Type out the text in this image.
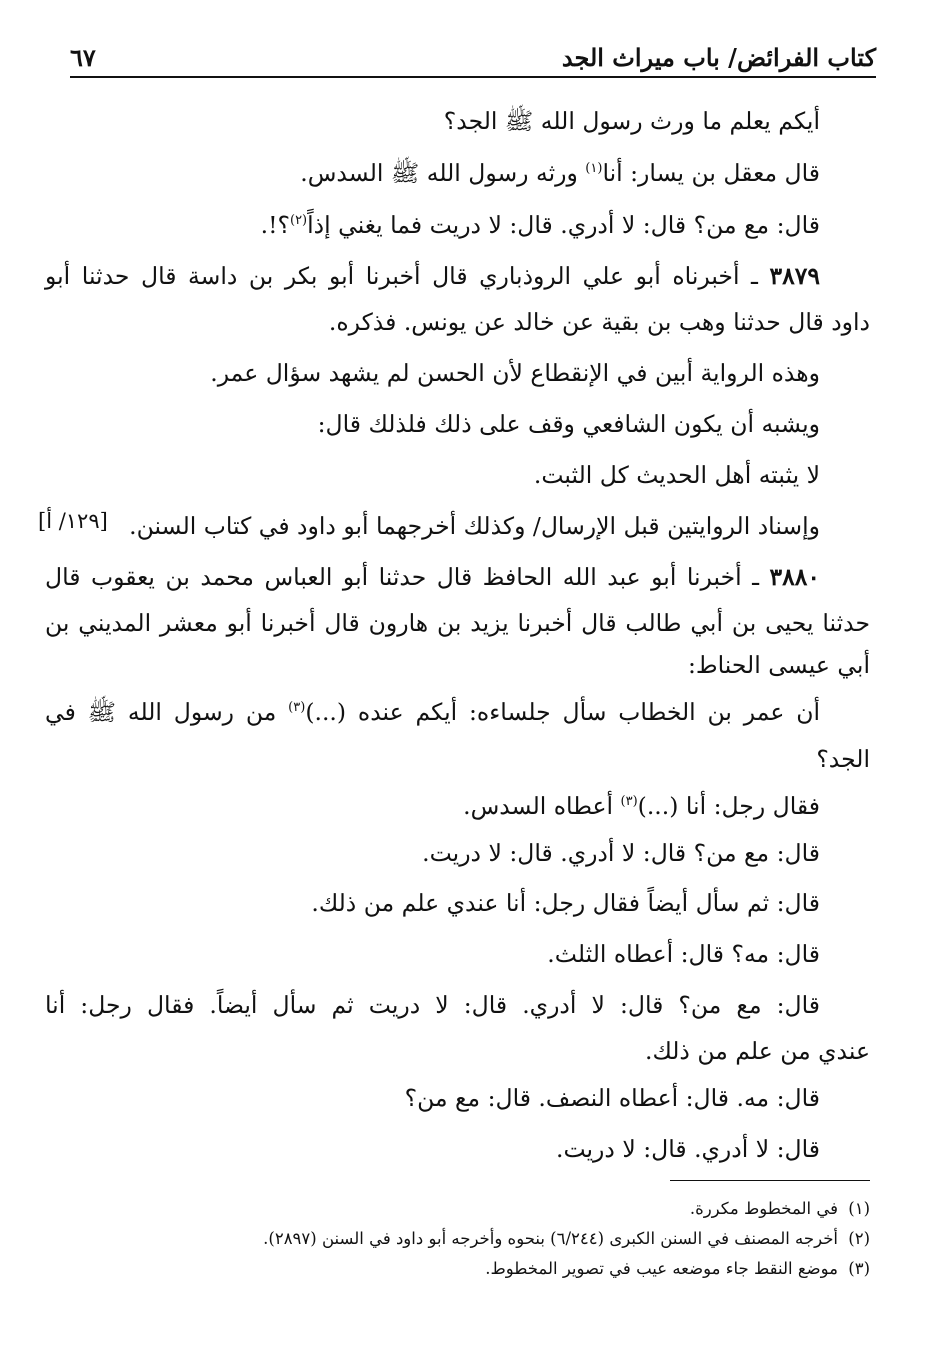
كتاب الفرائض/ باب ميراث الجد
٦٧
أيكم يعلم ما ورث رسول الله ﷺ الجد؟
قال معقل بن يسار: أنا$^{(١)}$ ورثه رسول الله ﷺ السدس.
قال: مع من؟ قال: لا أدري. قال: لا دريت فما يغني إذاً$^{(٢)}$؟!.
٣٨٧٩ ـ أخبرناه أبو علي الروذباري قال أخبرنا أبو بكر بن داسة قال حدثنا أبو
داود قال حدثنا وهب بن بقية عن خالد عن يونس. فذكره.
وهذه الرواية أبين في الإنقطاع لأن الحسن لم يشهد سؤال عمر.
ويشبه أن يكون الشافعي وقف على ذلك فلذلك قال:
لا يثبته أهل الحديث كل الثبت.
وإسناد الروايتين قبل الإرسال/ وكذلك أخرجهما أبو داود في كتاب السنن.
[١٢٩/ أ]
٣٨٨٠ ـ أخبرنا أبو عبد الله الحافظ قال حدثنا أبو العباس محمد بن يعقوب قال
حدثنا يحيى بن أبي طالب قال أخبرنا يزيد بن هارون قال أخبرنا أبو معشر المديني بن
أبي عيسى الحناط:
أن عمر بن الخطاب سأل جلساءه: أيكم عنده (...)$^{(٣)}$ من رسول الله ﷺ في
الجد؟
فقال رجل: أنا (...)$^{(٣)}$ أعطاه السدس.
قال: مع من؟ قال: لا أدري. قال: لا دريت.
قال: ثم سأل أيضاً فقال رجل: أنا عندي علم من ذلك.
قال: مه؟ قال: أعطاه الثلث.
قال: مع من؟ قال: لا أدري. قال: لا دريت ثم سأل أيضاً. فقال رجل: أنا
عندي من علم من ذلك.
قال: مه. قال: أعطاه النصف. قال: مع من؟
قال: لا أدري. قال: لا دريت.
(١)في المخطوط مكررة.
(٢)أخرجه المصنف في السنن الكبرى (٦/٢٤٤) بنحوه وأخرجه أبو داود في السنن (٢٨٩٧).
(٣)موضع النقط جاء موضعه عيب في تصوير المخطوط.
